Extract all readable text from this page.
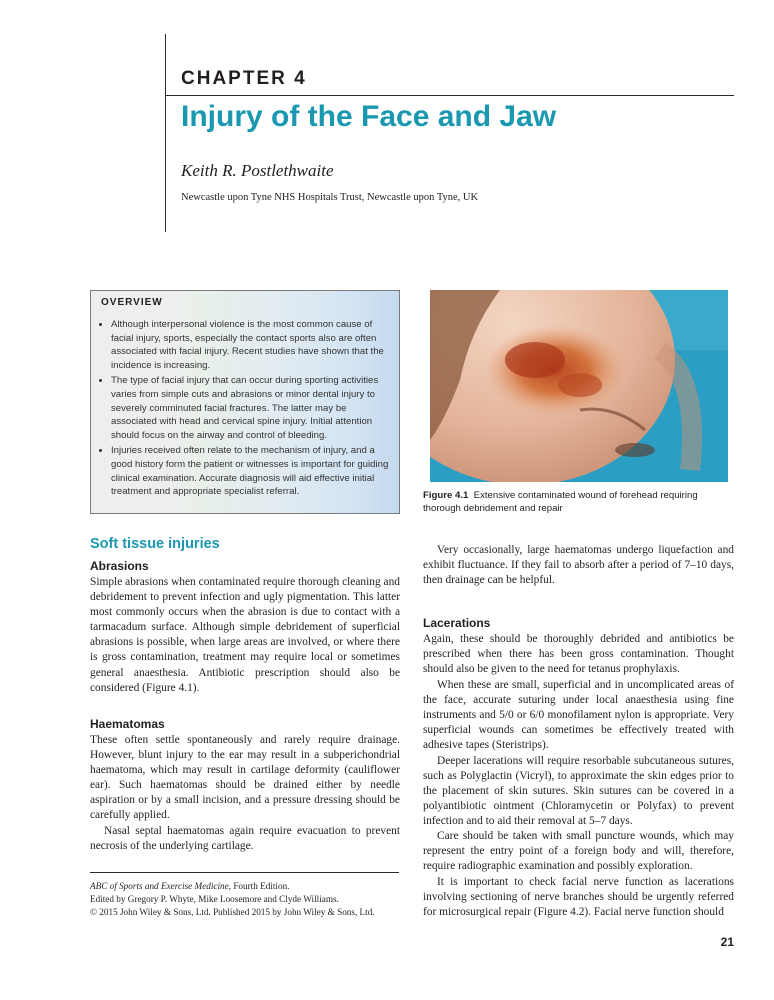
CHAPTER 4
Injury of the Face and Jaw
Keith R. Postlethwaite
Newcastle upon Tyne NHS Hospitals Trust, Newcastle upon Tyne, UK
OVERVIEW
• Although interpersonal violence is the most common cause of facial injury, sports, especially the contact sports also are often associated with facial injury. Recent studies have shown that the incidence is increasing.
• The type of facial injury that can occur during sporting activities varies from simple cuts and abrasions or minor dental injury to severely comminuted facial fractures. The latter may be associated with head and cervical spine injury. Initial attention should focus on the airway and control of bleeding.
• Injuries received often relate to the mechanism of injury, and a good history form the patient or witnesses is important for guiding clinical examination. Accurate diagnosis will aid effective initial treatment and appropriate specialist referral.	Figure 4.1 Extensive contaminated wound of forehead requiring thorough debridement and repair
Soft tissue injuries
Abrasions

Simple abrasions when contaminated require thorough cleaning and debridement to prevent infection and ugly pigmentation. This latter most commonly occurs when the abrasion is due to contact with a tarmacadum surface. Although simple debridement of superficial abrasions is possible, when large areas are involved, or where there is gross contamination, treatment may require local or sometimes general anaesthesia. Antibiotic prescription should also be considered (Figure 4.1).

Haematomas

These often settle spontaneously and rarely require drainage. However, blunt injury to the ear may result in a subperichondrial haematoma, which may result in cartilage deformity (cauliflower ear). Such haematomas should be drained either by needle aspiration or by a small incision, and a pressure dressing should be carefully applied.

Nasal septal haematomas again require evacuation to prevent necrosis of the underlying cartilage.

Very occasionally, large haematomas undergo liquefaction and exhibit fluctuance. If they fail to absorb after a period of 7–10 days, then drainage can be helpful.

Lacerations

Again, these should be thoroughly debrided and antibiotics be prescribed when there has been gross contamination. Thought should also be given to the need for tetanus prophylaxis.

When these are small, superficial and in uncomplicated areas of the face, accurate suturing under local anaesthesia using fine instruments and 5/0 or 6/0 monofilament nylon is appropriate. Very superficial wounds can sometimes be effectively treated with adhesive tapes (Steristrips).

Deeper lacerations will require resorbable subcutaneous sutures, such as Polyglactin (Vicryl), to approximate the skin edges prior to the placement of skin sutures. Skin sutures can be covered in a polyantibiotic ointment (Chloramycetin or Polyfax) to prevent infection and to aid their removal at 5–7 days.

Care should be taken with small puncture wounds, which may represent the entry point of a foreign body and will, therefore, require radiographic examination and possibly exploration.

It is important to check facial nerve function as lacerations involving sectioning of nerve branches should be urgently referred for microsurgical repair (Figure 4.2). Facial nerve function should

ABC of Sports and Exercise Medicine, Fourth Edition.
Edited by Gregory P. Whyte, Mike Loosemore and Clyde Williams.
© 2015 John Wiley & Sons, Ltd. Published 2015 by John Wiley & Sons, Ltd.
21
